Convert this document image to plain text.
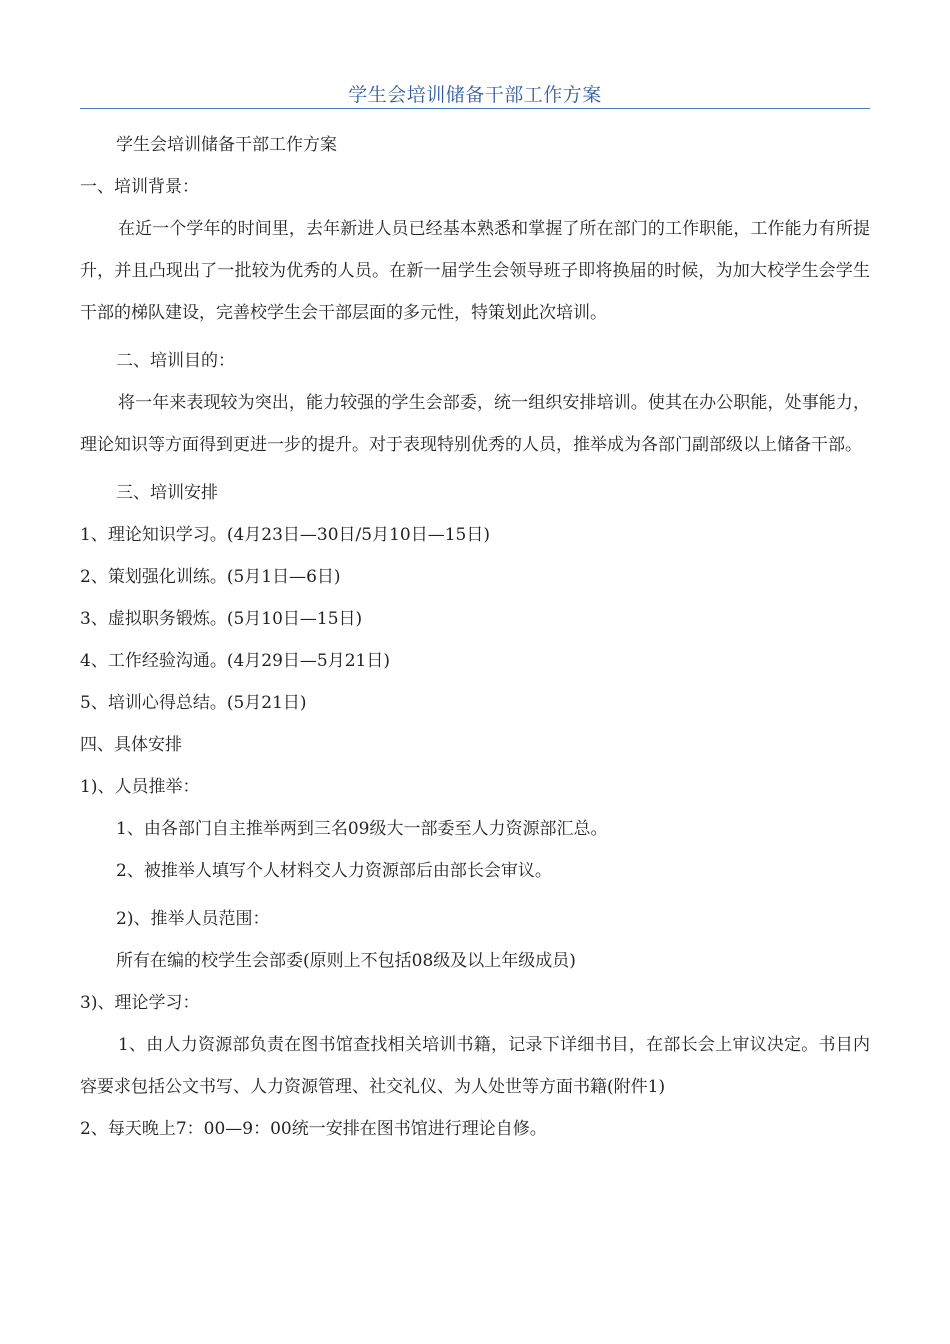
学生会培训储备干部工作方案

学生会培训储备干部工作方案

一、培训背景：

在近一个学年的时间里，去年新进人员已经基本熟悉和掌握了所在部门的工作职能，工作能力有所提升，并且凸现出了一批较为优秀的人员。在新一届学生会领导班子即将换届的时候，为加大校学生会学生干部的梯队建设，完善校学生会干部层面的多元性，特策划此次培训。

二、培训目的：

将一年来表现较为突出，能力较强的学生会部委，统一组织安排培训。使其在办公职能，处事能力，理论知识等方面得到更进一步的提升。对于表现特别优秀的人员，推举成为各部门副部级以上储备干部。

三、培训安排

1、理论知识学习。(4月23日—30日/5月10日—15日)

2、策划强化训练。(5月1日—6日)

3、虚拟职务锻炼。(5月10日—15日)

4、工作经验沟通。(4月29日—5月21日)

5、培训心得总结。(5月21日)

四、具体安排

1)、人员推举：

1、由各部门自主推举两到三名09级大一部委至人力资源部汇总。

2、被推举人填写个人材料交人力资源部后由部长会审议。

2)、推举人员范围：

所有在编的校学生会部委(原则上不包括08级及以上年级成员)

3)、理论学习：

1、由人力资源部负责在图书馆查找相关培训书籍，记录下详细书目，在部长会上审议决定。书目内容要求包括公文书写、人力资源管理、社交礼仪、为人处世等方面书籍(附件1)

2、每天晚上7：00—9：00统一安排在图书馆进行理论自修。
